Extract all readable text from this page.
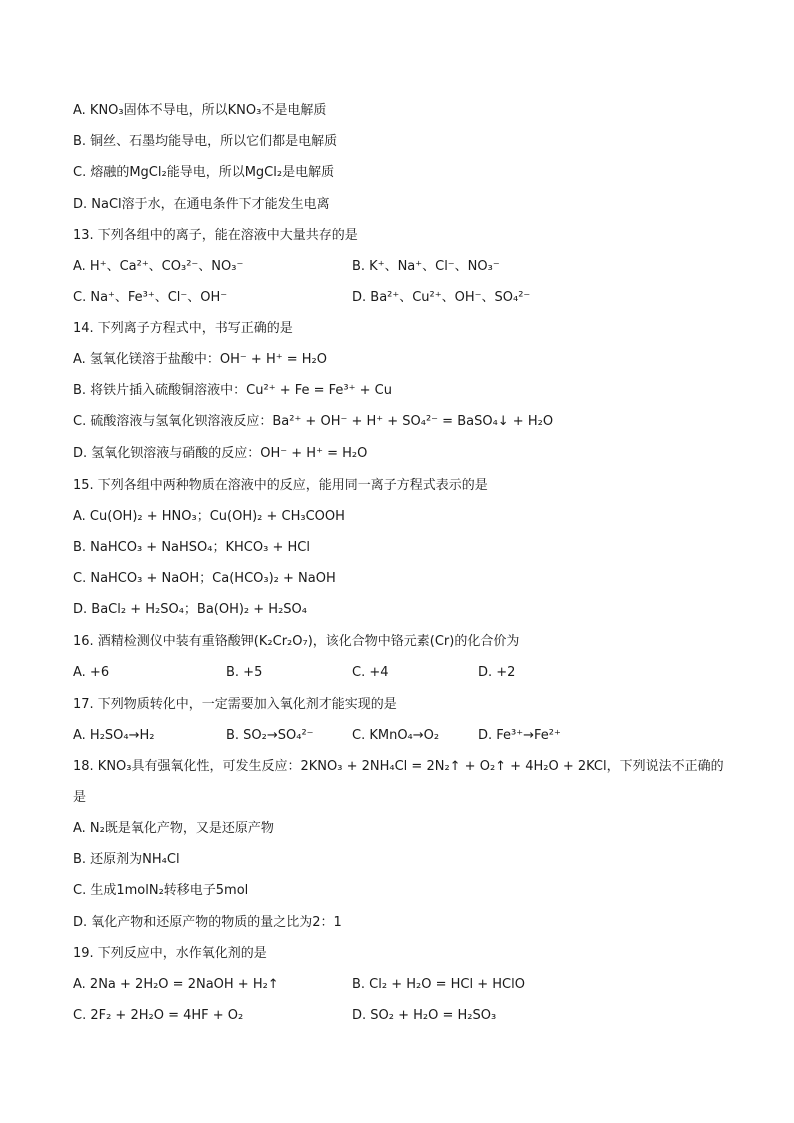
A. KNO₃固体不导电，所以KNO₃不是电解质
B. 铜丝、石墨均能导电，所以它们都是电解质
C. 熔融的MgCl₂能导电，所以MgCl₂是电解质
D. NaCl溶于水，在通电条件下才能发生电离
13. 下列各组中的离子，能在溶液中大量共存的是
A. H⁺、Ca²⁺、CO₃²⁻、NO₃⁻	B. K⁺、Na⁺、Cl⁻、NO₃⁻
C. Na⁺、Fe³⁺、Cl⁻、OH⁻	D. Ba²⁺、Cu²⁺、OH⁻、SO₄²⁻
14. 下列离子方程式中，书写正确的是
A. 氢氧化镁溶于盐酸中：OH⁻ + H⁺ = H₂O
B. 将铁片插入硫酸铜溶液中：Cu²⁺ + Fe = Fe³⁺ + Cu
C. 硫酸溶液与氢氧化钡溶液反应：Ba²⁺ + OH⁻ + H⁺ + SO₄²⁻ = BaSO₄↓ + H₂O
D. 氢氧化钡溶液与硝酸的反应：OH⁻ + H⁺ = H₂O
15. 下列各组中两种物质在溶液中的反应，能用同一离子方程式表示的是
A. Cu(OH)₂ + HNO₃；Cu(OH)₂ + CH₃COOH
B. NaHCO₃ + NaHSO₄；KHCO₃ + HCl
C. NaHCO₃ + NaOH；Ca(HCO₃)₂ + NaOH
D. BaCl₂ + H₂SO₄；Ba(OH)₂ + H₂SO₄
16. 酒精检测仪中装有重铬酸钾(K₂Cr₂O₇)，该化合物中铬元素(Cr)的化合价为
A. +6	B. +5	C. +4	D. +2
17. 下列物质转化中，一定需要加入氧化剂才能实现的是
A. H₂SO₄→H₂	B. SO₂→SO₄²⁻	C. KMnO₄→O₂	D. Fe³⁺→Fe²⁺
18. KNO₃具有强氧化性，可发生反应：2KNO₃ + 2NH₄Cl = 2N₂↑ + O₂↑ + 4H₂O + 2KCl，下列说法不正确的
是
A. N₂既是氧化产物，又是还原产物
B. 还原剂为NH₄Cl
C. 生成1molN₂转移电子5mol
D. 氧化产物和还原产物的物质的量之比为2：1
19. 下列反应中，水作氧化剂的是
A. 2Na + 2H₂O = 2NaOH + H₂↑	B. Cl₂ + H₂O = HCl + HClO
C. 2F₂ + 2H₂O = 4HF + O₂	D. SO₂ + H₂O = H₂SO₃
